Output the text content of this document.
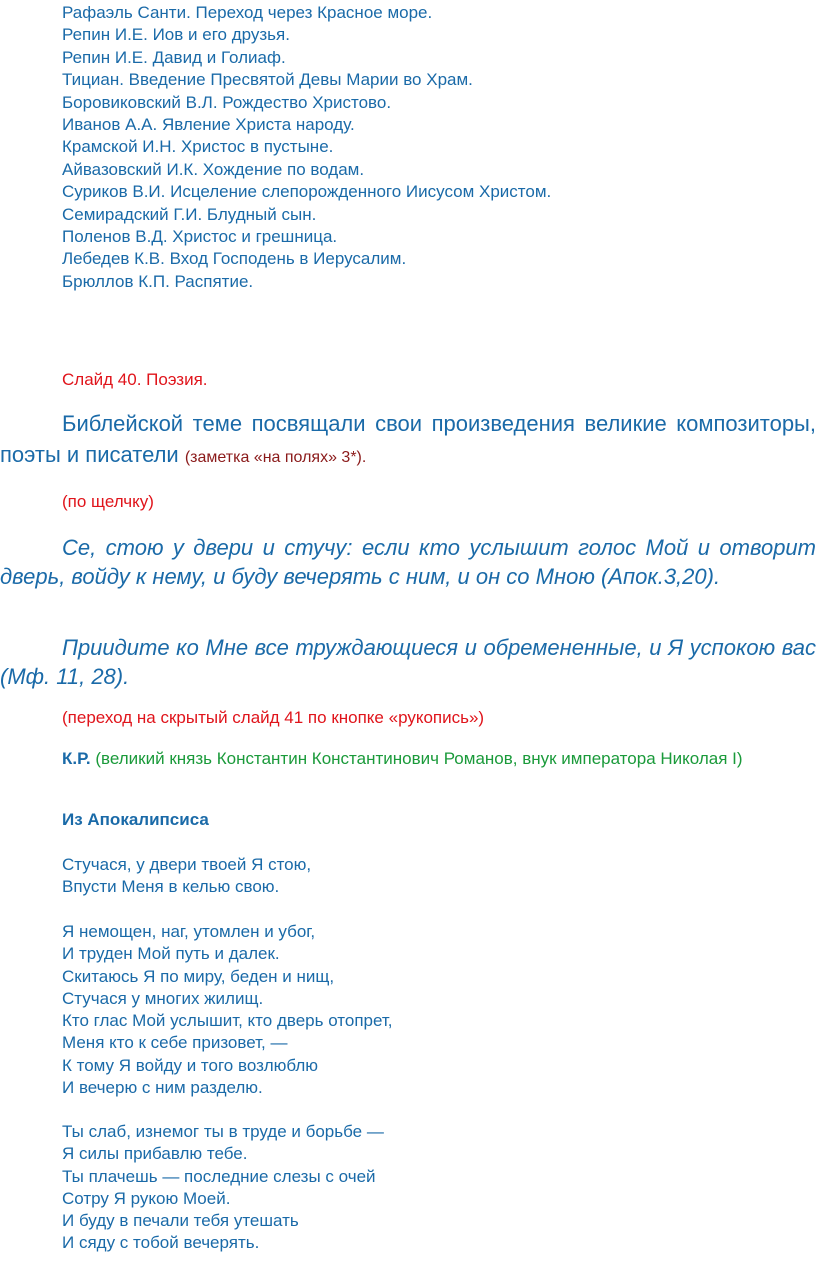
Рафаэль Санти. Переход через Красное море.
Репин И.Е. Иов и его друзья.
Репин И.Е. Давид и Голиаф.
Тициан. Введение Пресвятой Девы Марии во Храм.
Боровиковский В.Л. Рождество Христово.
Иванов А.А. Явление Христа народу.
Крамской И.Н. Христос в пустыне.
Айвазовский И.К. Хождение по водам.
Суриков В.И. Исцеление слепорожденного Иисусом Христом.
Семирадский Г.И. Блудный сын.
Поленов В.Д. Христос и грешница.
Лебедев К.В. Вход Господень в Иерусалим.
Брюллов К.П. Распятие.
Слайд 40. Поэзия.

Библейской теме посвящали свои произведения великие композиторы, поэты и писатели (заметка «на полях» 3*).

(по щелчку)

Се, стою у двери и стучу: если кто услышит голос Мой и отворит дверь, войду к нему, и буду вечерять с ним, и он со Мною (Апок.3,20).

Приидите ко Мне все труждающиеся и обремененные, и Я успокою вас (Мф. 11, 28).

(переход на скрытый слайд 41 по кнопке «рукопись»)

К.Р. (великий князь Константин Константинович Романов, внук императора Николая I)

Из Апокалипсиса
Стучася, у двери твоей Я стою,
Впусти Меня в келью свою.
Я немощен, наг, утомлен и убог,
И труден Мой путь и далек.
Скитаюсь Я по миру, беден и нищ,
Стучася у многих жилищ.
Кто глас Мой услышит, кто дверь отопрет,
Меня кто к себе призовет, —
К тому Я войду и того возлюблю
И вечерю с ним разделю.
Ты слаб, изнемог ты в труде и борьбе —
Я силы прибавлю тебе.
Ты плачешь — последние слезы с очей
Сотру Я рукою Моей.
И буду в печали тебя утешать
И сяду с тобой вечерять.
